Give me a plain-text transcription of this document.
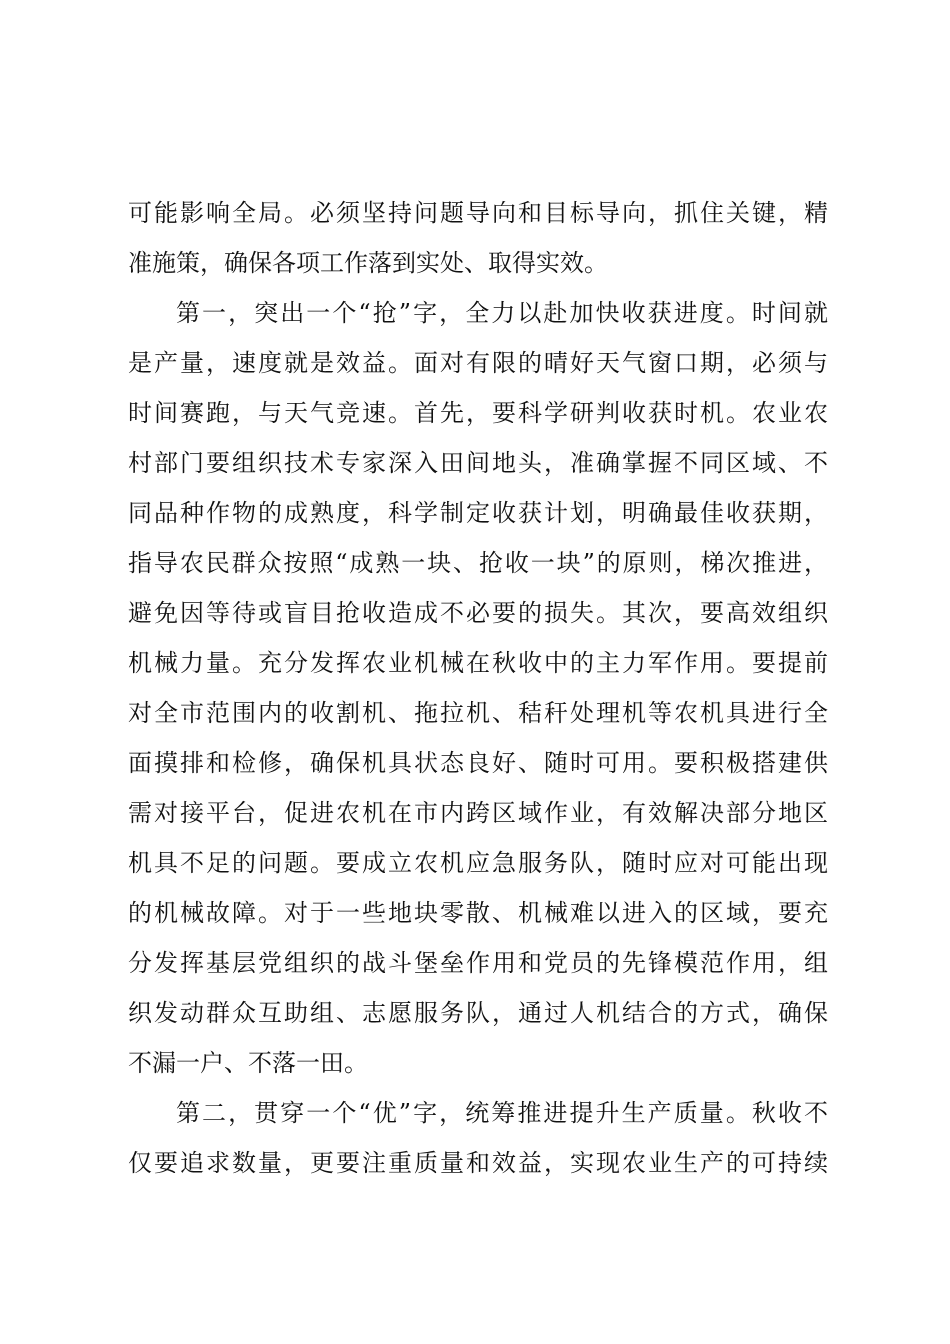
可能影响全局。必须坚持问题导向和目标导向，抓住关键，精

准施策，确保各项工作落到实处、取得实效。

第一，突出一个“抢”字，全力以赴加快收获进度。时间就

是产量，速度就是效益。面对有限的晴好天气窗口期，必须与

时间赛跑，与天气竞速。首先，要科学研判收获时机。农业农

村部门要组织技术专家深入田间地头，准确掌握不同区域、不

同品种作物的成熟度，科学制定收获计划，明确最佳收获期，

指导农民群众按照“成熟一块、抢收一块”的原则，梯次推进，

避免因等待或盲目抢收造成不必要的损失。其次，要高效组织

机械力量。充分发挥农业机械在秋收中的主力军作用。要提前

对全市范围内的收割机、拖拉机、秸秆处理机等农机具进行全

面摸排和检修，确保机具状态良好、随时可用。要积极搭建供

需对接平台，促进农机在市内跨区域作业，有效解决部分地区

机具不足的问题。要成立农机应急服务队，随时应对可能出现

的机械故障。对于一些地块零散、机械难以进入的区域，要充

分发挥基层党组织的战斗堡垒作用和党员的先锋模范作用，组

织发动群众互助组、志愿服务队，通过人机结合的方式，确保

不漏一户、不落一田。

第二，贯穿一个“优”字，统筹推进提升生产质量。秋收不

仅要追求数量，更要注重质量和效益，实现农业生产的可持续
